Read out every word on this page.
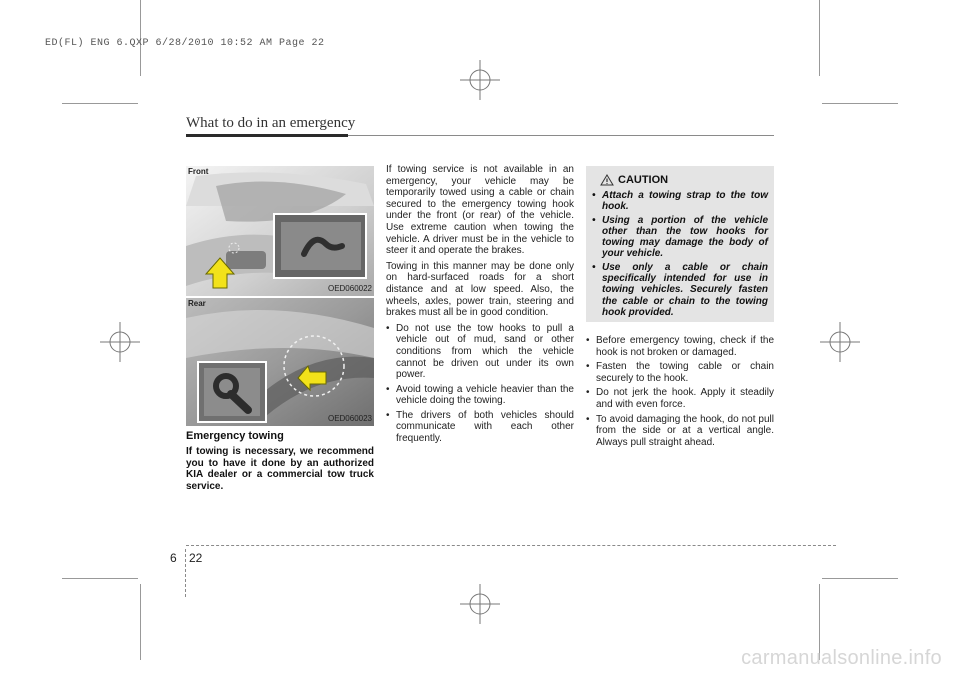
ED(FL) ENG 6.QXP 6/28/2010 10:52 AM Page 22
What to do in an emergency
Front
OED060022
Rear
OED060023
Emergency towing
If towing is necessary, we recommend you to have it done by an authorized KIA dealer or a commercial tow truck service.

If towing service is not available in an emergency, your vehicle may be temporarily towed using a cable or chain secured to the emergency towing hook under the front (or rear) of the vehicle. Use extreme caution when towing the vehicle. A driver must be in the vehicle to steer it and operate the brakes.

Towing in this manner may be done only on hard-surfaced roads for a short distance and at low speed. Also, the wheels, axles, power train, steering and brakes must all be in good condition.

• Do not use the tow hooks to pull a vehicle out of mud, sand or other conditions from which the vehicle cannot be driven out under its own power.
• Avoid towing a vehicle heavier than the vehicle doing the towing.
• The drivers of both vehicles should communicate with each other frequently.
CAUTION
• Attach a towing strap to the tow hook.
• Using a portion of the vehicle other than the tow hooks for towing may damage the body of your vehicle.
• Use only a cable or chain specifically intended for use in towing vehicles. Securely fasten the cable or chain to the towing hook provided.
• Before emergency towing, check if the hook is not broken or damaged.
• Fasten the towing cable or chain securely to the hook.
• Do not jerk the hook. Apply it steadily and with even force.
• To avoid damaging the hook, do not pull from the side or at a vertical angle. Always pull straight ahead.
6 22
carmanualsonline.info
